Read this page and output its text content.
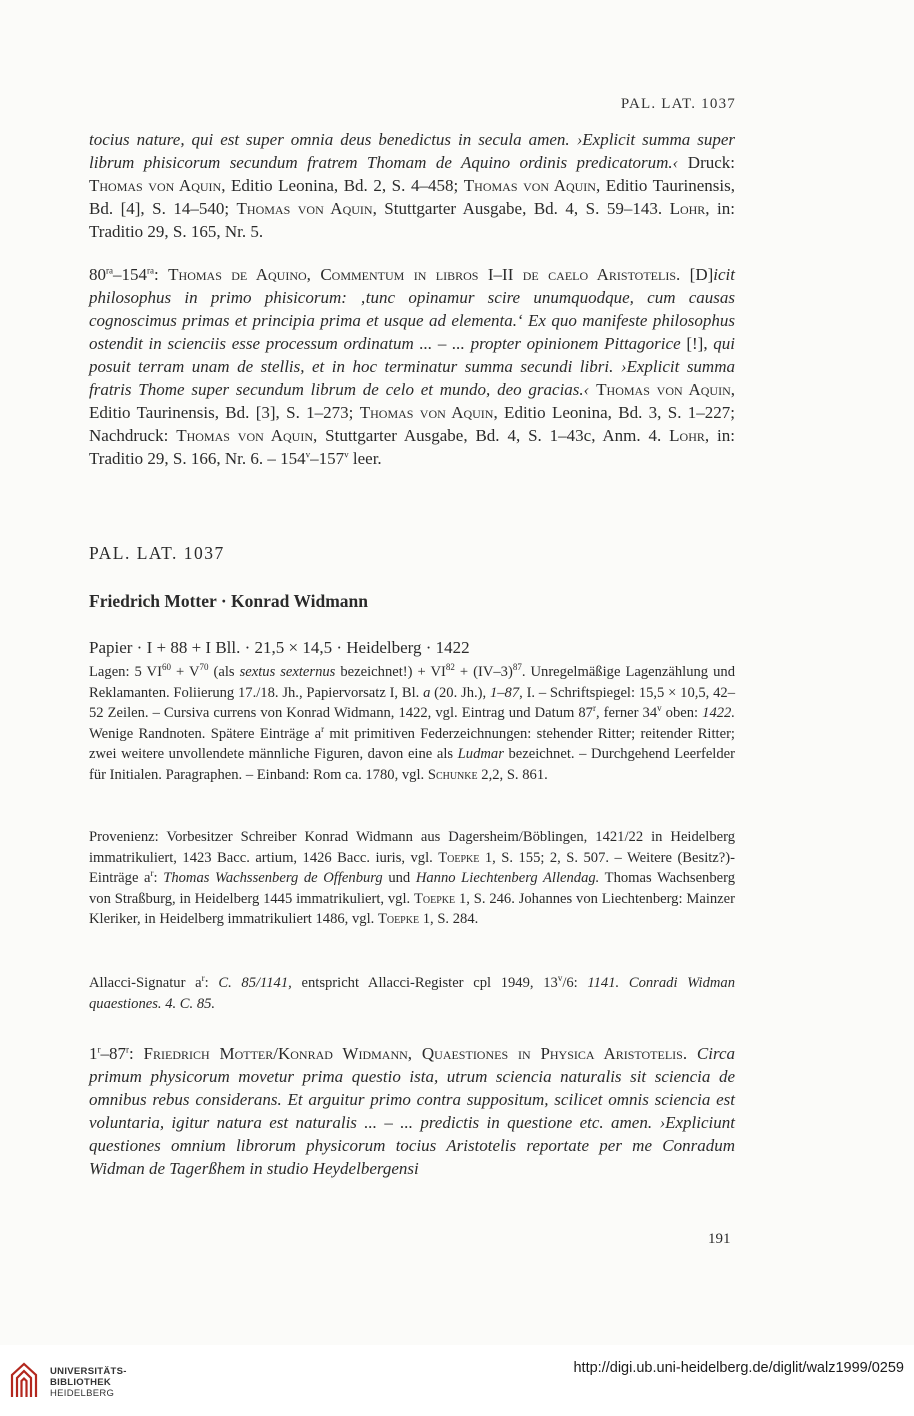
PAL. LAT. 1037
tocius nature, qui est super omnia deus benedictus in secula amen. ›Explicit summa super librum phisicorum secundum fratrem Thomam de Aquino ordinis predicatorum.‹ Druck: Thomas von Aquin, Editio Leonina, Bd. 2, S. 4–458; Thomas von Aquin, Editio Taurinensis, Bd. [4], S. 14–540; Thomas von Aquin, Stuttgarter Ausgabe, Bd. 4, S. 59–143. Lohr, in: Traditio 29, S. 165, Nr. 5.
$80^{ra}-154^{ra}$: Thomas de Aquino, Commentum in libros I–II de caelo Aristotelis. [D]icit philosophus in primo phisicorum: ‚tunc opinamur scire unumquodque, cum causas cognoscimus primas et principia prima et usque ad elementa.‘ Ex quo manifeste philosophus ostendit in scienciis esse processum ordinatum ... – ... propter opinionem Pittagorice [!], qui posuit terram unam de stellis, et in hoc terminatur summa secundi libri. ›Explicit summa fratris Thome super secundum librum de celo et mundo, deo gracias.‹ Thomas von Aquin, Editio Taurinensis, Bd. [3], S. 1–273; Thomas von Aquin, Editio Leonina, Bd. 3, S. 1–227; Nachdruck: Thomas von Aquin, Stuttgarter Ausgabe, Bd. 4, S. 1–43c, Anm. 4. Lohr, in: Traditio 29, S. 166, Nr. 6. – 154$^v$–157$^v$ leer.
PAL. LAT. 1037
Friedrich Motter · Konrad Widmann
Papier · I + 88 + I Bll. · 21,5 × 14,5 · Heidelberg · 1422
Lagen: 5 $VI^{60} + V^{70}$ (als sextus sexternus bezeichnet!) + $VI^{82} + (IV-3)^{87}$. Unregelmäßige Lagenzählung und Reklamanten. Foliierung 17./18. Jh., Papiervorsatz I, Bl. a (20. Jh.), 1–87, I. – Schriftspiegel: 15,5 × 10,5, 42–52 Zeilen. – Cursiva currens von Konrad Widmann, 1422, vgl. Eintrag und Datum 87$^r$, ferner 34$^v$ oben: 1422. Wenige Randnoten. Spätere Einträge $a^r$ mit primitiven Federzeichnungen: stehender Ritter; reitender Ritter; zwei weitere unvollendete männliche Figuren, davon eine als Ludmar bezeichnet. – Durchgehend Leerfelder für Initialen. Paragraphen. – Einband: Rom ca. 1780, vgl. Schunke 2,2, S. 861.
Provenienz: Vorbesitzer Schreiber Konrad Widmann aus Dagersheim/Böblingen, 1421/22 in Heidelberg immatrikuliert, 1423 Bacc. artium, 1426 Bacc. iuris, vgl. Toepke 1, S. 155; 2, S. 507. – Weitere (Besitz?)-Einträge $a^r$: Thomas Wachssenberg de Offenburg und Hanno Liechtenberg Allendag. Thomas Wachsenberg von Straßburg, in Heidelberg 1445 immatrikuliert, vgl. Toepke 1, S. 246. Johannes von Liechtenberg: Mainzer Kleriker, in Heidelberg immatrikuliert 1486, vgl. Toepke 1, S. 284.
Allacci-Signatur $a^r$: C. 85/1141, entspricht Allacci-Register cpl 1949, 13$^v$/6: 1141. Conradi Widman quaestiones. 4. C. 85.
1$^r$–87$^r$: Friedrich Motter/Konrad Widmann, Quaestiones in Physica Aristotelis. Circa primum physicorum movetur prima questio ista, utrum sciencia naturalis sit sciencia de omnibus rebus considerans. Et arguitur primo contra suppositum, scilicet omnis sciencia est voluntaria, igitur natura est naturalis ... – ... predictis in questione etc. amen. ›Expliciunt questiones omnium librorum physicorum tocius Aristotelis reportate per me Conradum Widman de Tagerßhem in studio Heydelbergensi
191
UNIVERSITÄTS-
BIBLIOTHEK
HEIDELBERG
http://digi.ub.uni-heidelberg.de/diglit/walz1999/0259
